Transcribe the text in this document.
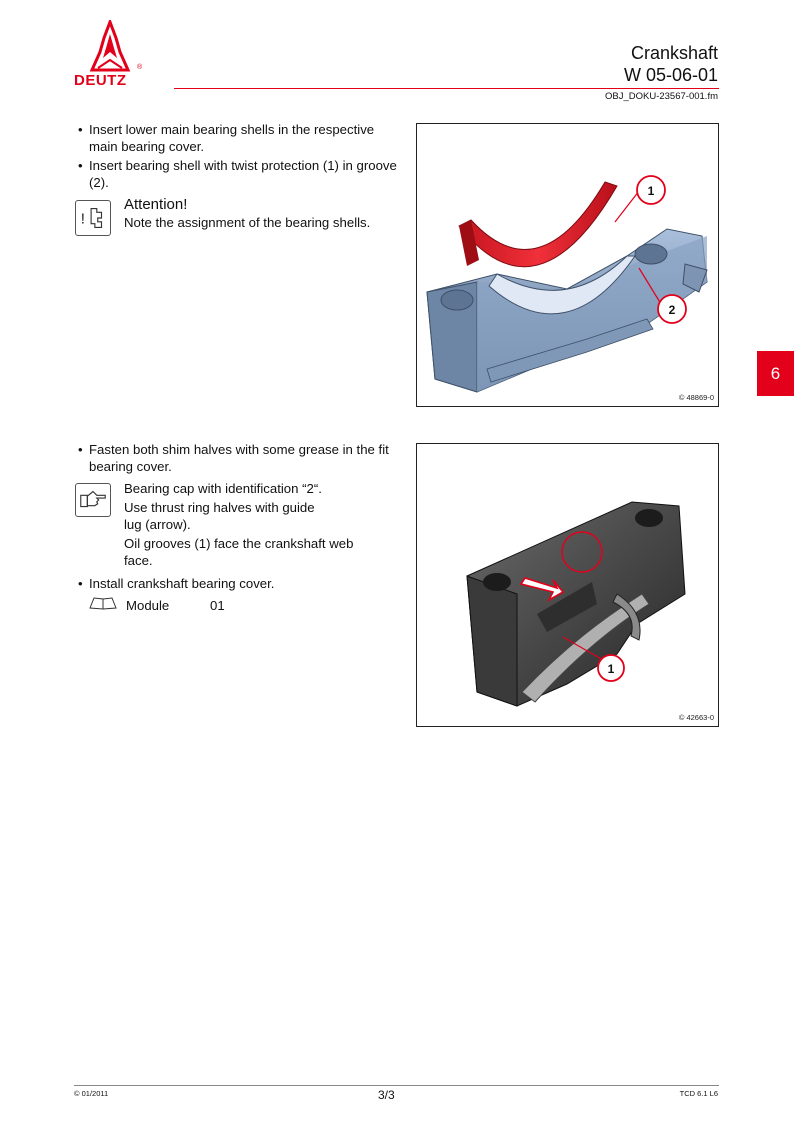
DEUTZ
®
Crankshaft
W 05-06-01
OBJ_DOKU-23567-001.fm
6
• Insert lower main bearing shells in the respective main bearing cover.
• Insert bearing shell with twist protection (1) in groove (2).
!
Attention!
Note the assignment of the bearing shells.
1
2
© 48869-0
• Fasten both shim halves with some grease in the fit bearing cover.
Bearing cap with identification “2“.
Use thrust ring halves with guide lug (arrow).
Oil grooves (1) face the crankshaft web face.
• Install crankshaft bearing cover.
Module	01
1
© 42663-0
© 01/2011	3/3	TCD 6.1 L6
